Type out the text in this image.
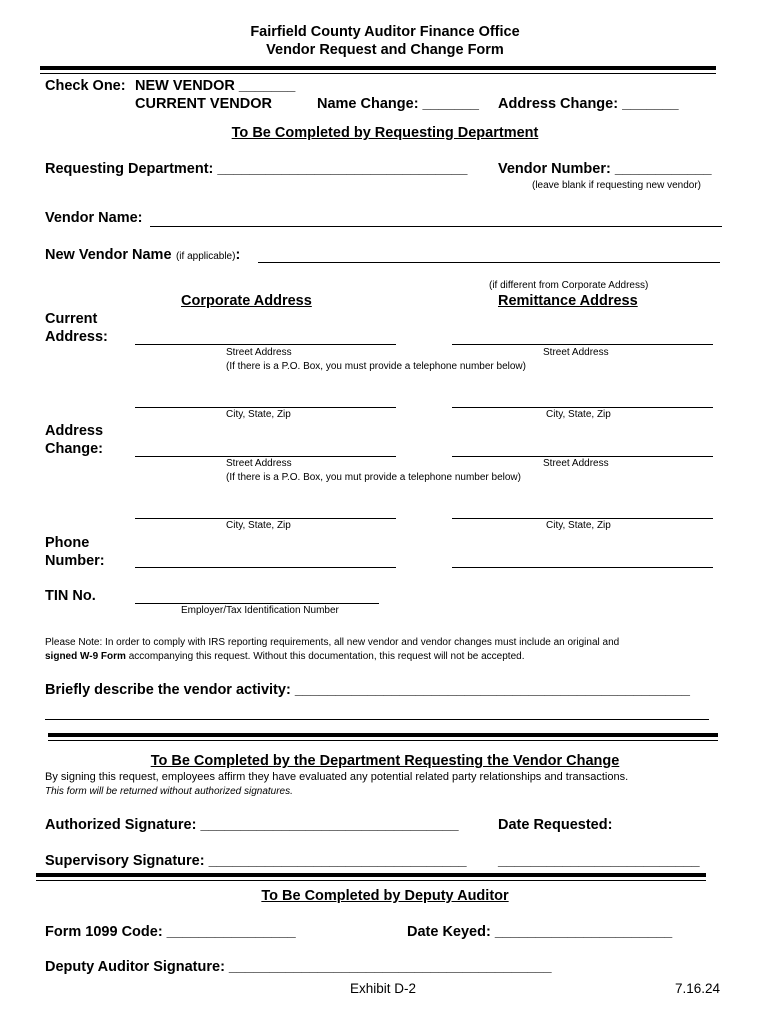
Fairfield County Auditor Finance Office
Vendor Request and Change Form
Check One: NEW VENDOR _______
CURRENT VENDOR	Name Change: _______ Address Change: _______
To Be Completed by Requesting Department
Requesting Department: _______________________________ Vendor Number: ____________
(leave blank if requesting new vendor)
Vendor Name:
New Vendor Name (if applicable):
(if different from Corporate Address)
Corporate Address	Remittance Address
Current
Address:
Street Address	Street Address
(If there is a P.O. Box, you must provide a telephone number below)
City, State, Zip	City, State, Zip
Address
Change:
Street Address	Street Address
(If there is a P.O. Box, you mut provide a telephone number below)
City, State, Zip	City, State, Zip
Phone
Number:
TIN No.
Employer/Tax Identification Number
Please Note: In order to comply with IRS reporting requirements, all new vendor and vendor changes must include an original and
signed W-9 Form accompanying this request. Without this documentation, this request will not be accepted.
Briefly describe the vendor activity: _________________________________________________
To Be Completed by the Department Requesting the Vendor Change
By signing this request, employees affirm they have evaluated any potential related party relationships and transactions.
This form will be returned without authorized signatures.
Authorized Signature: ________________________________	Date Requested:
Supervisory Signature: ________________________________ _________________________
To Be Completed by Deputy Auditor
Form 1099 Code: ________________	Date Keyed: ______________________
Deputy Auditor Signature: ________________________________________
Exhibit D-2	7.16.24
